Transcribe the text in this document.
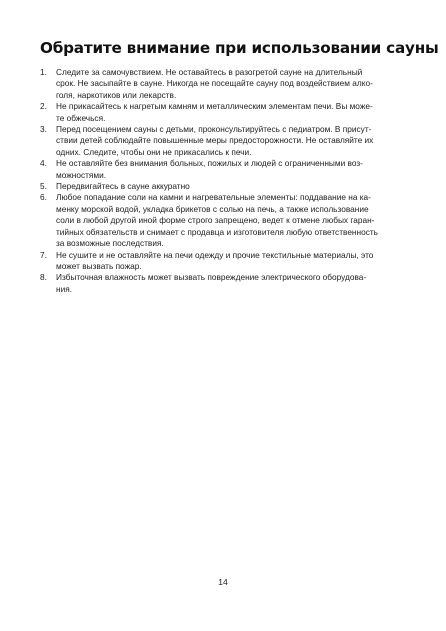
Обратите внимание при использовании сауны
1.	Следите за самочувствием. Не оставайтесь в разогретой сауне на длительный
срок. Не засыпайте в сауне. Никогда не посещайте сауну под воздействием алко-
голя, наркотиков или лекарств.
2.	Не прикасайтесь к нагретым камням и металлическим элементам печи. Вы може-
те обжечься.
3.	Перед посещением сауны с детьми, проконсультируйтесь с педиатром. В присут-
ствии детей соблюдайте повышенные меры предосторожности. Не оставляйте их
одних. Следите, чтобы они не прикасались к печи.
4.	Не оставляйте без внимания больных, пожилых и людей с ограниченными воз-
можностями.
5.	Передвигайтесь в сауне аккуратно
6.	Любое попадание соли на камни и нагревательные элементы: поддавание на ка-
менку морской водой, укладка брикетов с солью на печь, а также использование
соли в любой другой иной форме строго запрещено, ведет к отмене любых гаран-
тийных обязательств и снимает с продавца и изготовителя любую ответственность
за возможные последствия.
7.	Не сушите и не оставляйте на печи одежду и прочие текстильные материалы, это
может вызвать пожар.
8.	Избыточная влажность может вызвать повреждение электрического оборудова-
ния.
14
